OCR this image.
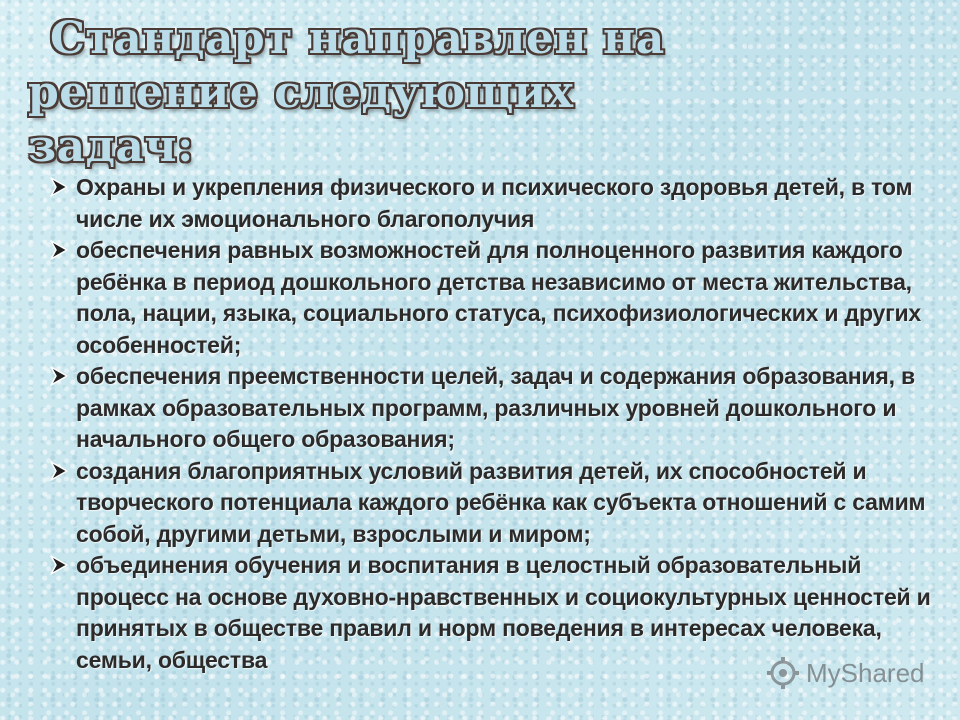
Стандарт направлен на
решение следующих задач:
Охраны и укрепления физического и психического здоровья детей, в том числе их эмоционального благополучия
обеспечения равных возможностей для полноценного развития каждого ребёнка в период дошкольного детства независимо от места жительства, пола, нации, языка, социального статуса, психофизиологических и других особенностей;
обеспечения преемственности целей, задач и содержания образования, в рамках образовательных программ, различных уровней дошкольного и начального общего образования;
создания благоприятных условий развития детей, их способностей и творческого потенциала каждого ребёнка как субъекта отношений с самим собой, другими детьми, взрослыми и миром;
объединения обучения и воспитания в целостный образовательный процесс на основе духовно-нравственных и социокультурных ценностей и принятых в обществе правил и норм поведения в интересах человека, семьи, общества	MyShared
